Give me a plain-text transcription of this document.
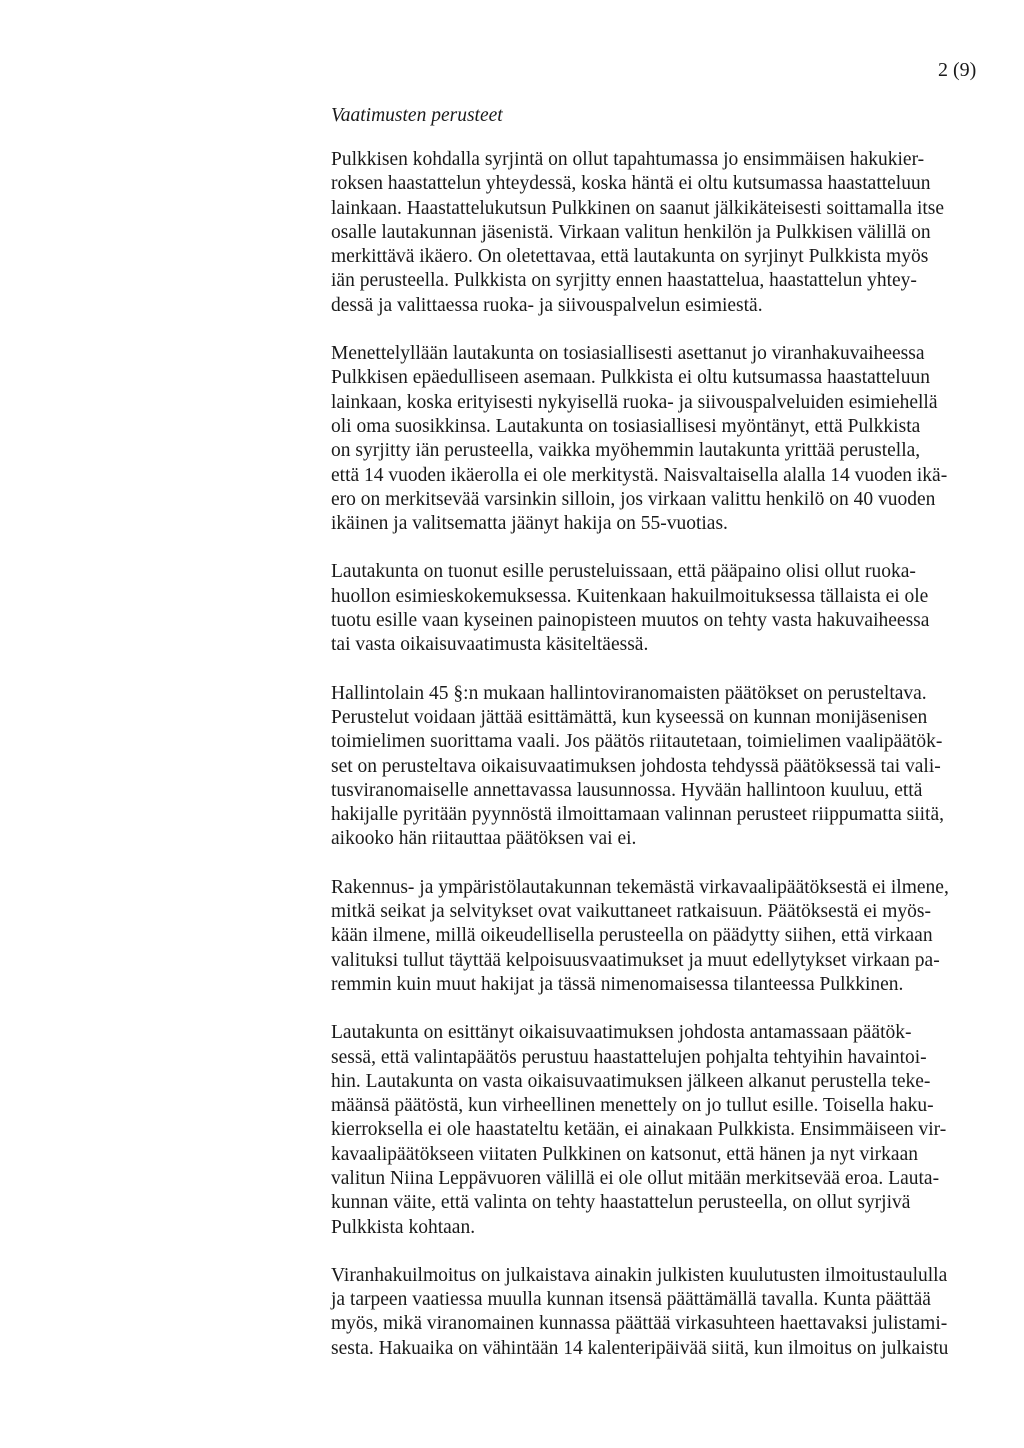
2 (9)
Vaatimusten perusteet

Pulkkisen kohdalla syrjintä on ollut tapahtumassa jo ensimmäisen hakukier-
roksen haastattelun yhteydessä, koska häntä ei oltu kutsumassa haastatteluun
lainkaan. Haastattelukutsun Pulkkinen on saanut jälkikäteisesti soittamalla itse
osalle lautakunnan jäsenistä. Virkaan valitun henkilön ja Pulkkisen välillä on
merkittävä ikäero. On oletettavaa, että lautakunta on syrjinyt Pulkkista myös
iän perusteella. Pulkkista on syrjitty ennen haastattelua, haastattelun yhtey-
dessä ja valittaessa ruoka- ja siivouspalvelun esimiestä.

Menettelyllään lautakunta on tosiasiallisesti asettanut jo viranhakuvaiheessa
Pulkkisen epäedulliseen asemaan. Pulkkista ei oltu kutsumassa haastatteluun
lainkaan, koska erityisesti nykyisellä ruoka- ja siivouspalveluiden esimiehellä
oli oma suosikkinsa. Lautakunta on tosiasiallisesi myöntänyt, että Pulkkista
on syrjitty iän perusteella, vaikka myöhemmin lautakunta yrittää perustella,
että 14 vuoden ikäerolla ei ole merkitystä. Naisvaltaisella alalla 14 vuoden ikä-
ero on merkitsevää varsinkin silloin, jos virkaan valittu henkilö on 40 vuoden
ikäinen ja valitsematta jäänyt hakija on 55-vuotias.

Lautakunta on tuonut esille perusteluissaan, että pääpaino olisi ollut ruoka-
huollon esimieskokemuksessa. Kuitenkaan hakuilmoituksessa tällaista ei ole
tuotu esille vaan kyseinen painopisteen muutos on tehty vasta hakuvaiheessa
tai vasta oikaisuvaatimusta käsiteltäessä.

Hallintolain 45 §:n mukaan hallintoviranomaisten päätökset on perusteltava.
Perustelut voidaan jättää esittämättä, kun kyseessä on kunnan monijäsenisen
toimielimen suorittama vaali. Jos päätös riitautetaan, toimielimen vaalipäätök-
set on perusteltava oikaisuvaatimuksen johdosta tehdyssä päätöksessä tai vali-
tusviranomaiselle annettavassa lausunnossa. Hyvään hallintoon kuuluu, että
hakijalle pyritään pyynnöstä ilmoittamaan valinnan perusteet riippumatta siitä,
aikooko hän riitauttaa päätöksen vai ei.

Rakennus- ja ympäristölautakunnan tekemästä virkavaalipäätöksestä ei ilmene,
mitkä seikat ja selvitykset ovat vaikuttaneet ratkaisuun. Päätöksestä ei myös-
kään ilmene, millä oikeudellisella perusteella on päädytty siihen, että virkaan
valituksi tullut täyttää kelpoisuusvaatimukset ja muut edellytykset virkaan pa-
remmin kuin muut hakijat ja tässä nimenomaisessa tilanteessa Pulkkinen.

Lautakunta on esittänyt oikaisuvaatimuksen johdosta antamassaan päätök-
sessä, että valintapäätös perustuu haastattelujen pohjalta tehtyihin havaintoi-
hin. Lautakunta on vasta oikaisuvaatimuksen jälkeen alkanut perustella teke-
määnsä päätöstä, kun virheellinen menettely on jo tullut esille. Toisella haku-
kierroksella ei ole haastateltu ketään, ei ainakaan Pulkkista. Ensimmäiseen vir-
kavaalipäätökseen viitaten Pulkkinen on katsonut, että hänen ja nyt virkaan
valitun Niina Leppävuoren välillä ei ole ollut mitään merkitsevää eroa. Lauta-
kunnan väite, että valinta on tehty haastattelun perusteella, on ollut syrjivä
Pulkkista kohtaan.

Viranhakuilmoitus on julkaistava ainakin julkisten kuulutusten ilmoitustaululla
ja tarpeen vaatiessa muulla kunnan itsensä päättämällä tavalla. Kunta päättää
myös, mikä viranomainen kunnassa päättää virkasuhteen haettavaksi julistami-
sesta. Hakuaika on vähintään 14 kalenteripäivää siitä, kun ilmoitus on julkaistu
